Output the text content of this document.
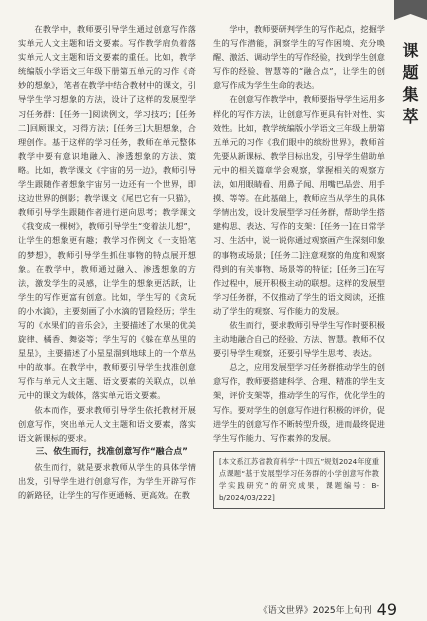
课
题
集
萃

在教学中，教师要引导学生通过创意写作落实单元人文主题和语文要素。写作教学肩负着落实单元人文主题和语文要素的重任。比如，教学统编版小学语文三年级下册第五单元的习作《奇妙的想象》，笔者在教学中结合教材中的课文，引导学生学习想象的方法，设计了这样的发展型学习任务群：[任务一]阅读例文，学习技巧；[任务二]回顾课文，习得方法；[任务三]大胆想象，合理创作。基于这样的学习任务，教师在单元整体教学中要有意识地融入、渗透想象的方法、策略。比如，教学课文《宇宙的另一边》，教师引导学生跟随作者想象宇宙另一边还有一个世界，即这边世界的倒影；教学课文《尾巴它有一只猫》，教师引导学生跟随作者进行逆向思考；教学课文《我变成一棵树》，教师引导学生“变着法儿想”，让学生的想象更有趣；教学习作例文《一支铅笔的梦想》，教师引导学生抓住事物的特点展开想象。在教学中，教师通过融入、渗透想象的方法，激发学生的灵感，让学生的想象更活跃，让学生的写作更富有创意。比如，学生写的《贪玩的小水滴》，主要刻画了小水滴的冒险经历；学生写的《水果们的音乐会》，主要描述了水果的优美旋律、橘香、舞姿等；学生写的《躲在草丛里的星星》，主要描述了小星星溜到地球上的一个草丛中的故事。在教学中，教师要引导学生找准创意写作与单元人文主题、语文要素的关联点，以单元中的课文为载体，落实单元语文要素。

依本而作，要求教师引导学生依托教材开展创意写作，突出单元人文主题和语文要素，落实语文新课标的要求。

三、依生而行，找准创意写作“融合点”

依生而行，就是要求教师从学生的具体学情出发，引导学生进行创意写作，为学生开辟写作的新路径，让学生的写作更通畅、更高效。在教

学中，教师要研判学生的写作起点，挖掘学生的写作潜能，洞察学生的写作困境、充分唤醒、激活、调动学生的写作经验，找到学生创意写作的经验、智慧等的“融合点”，让学生的创意写作成为学生生命的表达。

在创意写作教学中，教师要指导学生运用多样化的写作方法，让创意写作更具有针对性、实效性。比如，教学统编版小学语文三年级上册第五单元的习作《我们眼中的缤纷世界》，教师首先要从新课标、教学目标出发，引导学生借助单元中的相关篇章学会观察，掌握相关的观察方法，如用眼睛看、用鼻子闻、用嘴巴品尝、用手摸、等等。在此基础上，教师应当从学生的具体学情出发，设计发展型学习任务群，帮助学生搭建构思、表达、写作的支架：[任务一]在日常学习、生活中，说一说你通过观察画产生深刻印象的事物或场景；[任务二]注意观察的角度和观察得到的有关事物、场景等的特征；[任务三]在写作过程中，展开积极主动的联想。这样的发展型学习任务群，不仅推动了学生的语文阅读，还推动了学生的观察、写作能力的发展。

依生而行，要求教师引导学生写作时要积极主动地融合自己的经验、方法、智慧。教师不仅要引导学生观察，还要引导学生思考、表达。

总之，应用发展型学习任务群推动学生的创意写作，教师要搭建科学、合理、精准的学生支架，评价支架等，推动学生的写作，优化学生的写作。要对学生的创意写作进行积极的评价，促进学生的创意写作不断转型升级，进而最终促进学生写作能力、写作素养的发展。

[本文系江苏省教育科学“十四五”规划2024年度重点课题“基于发展型学习任务群的小学创意写作教学实践研究”的研究成果，课题编号：B-b/2024/03/222]
《语文世界》2025年上旬刊 49
